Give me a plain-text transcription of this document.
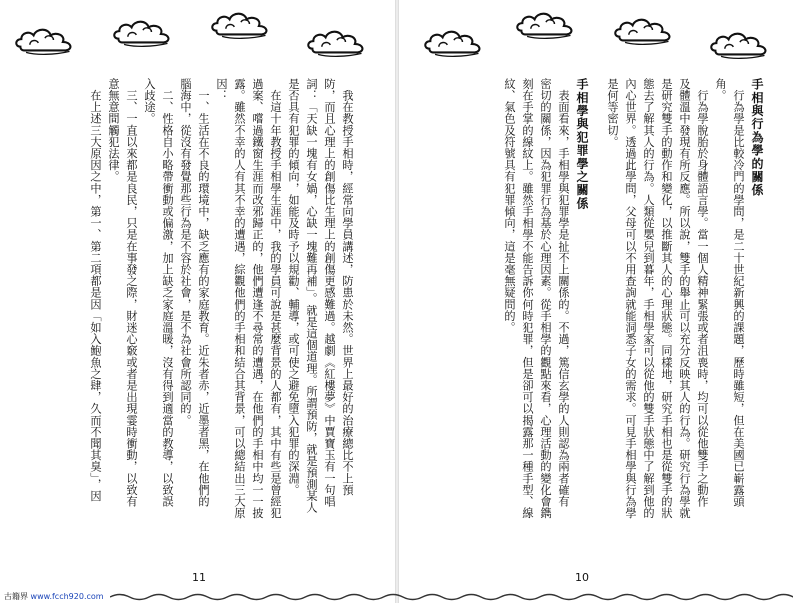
　我在教授手相時，經常向學員講述，防患於未然。世界上最好的治療總比不上預
防，而且心理上的創傷比生理上的創傷更感難過。越劇《紅樓夢》中賈寶玉有一句唱
詞：「天缺一塊有女媧，心缺一塊難再補」。就是這個道理。所謂預防，就是預測某人
是否具有犯罪的傾向，如能及時予以規勸、輔導，或可使之避免墮入犯罪的深淵。
　在這十年教授手相學生涯中，我的學員可說是甚麼背景的人都有，其中有些是曾經犯
過案、嚐過鐵窗生涯而改邪歸正的，他們遭逢不尋常的遭遇，在他們的手相中均一一披
露。雖然不幸的人有其不幸的遭遇，綜觀他們的手相和結合其背景，可以總結出三大原
因：
　一、生活在不良的環境中，缺乏應有的家庭教育。近朱者赤，近墨者黑，在他們的
腦海中，從沒有發覺那些行為是不容於社會，是不為社會所認同的。
　二、性格自小略帶衝動或偏激，加上缺乏家庭溫暖，沒有得到適當的教導，以致誤
入歧途。
　三、一直以來都是良民，只是在事發之際，財迷心竅或者是出現霎時衝動，以致有
意無意間觸犯法律。
　在上述三大原因之中，第一、第二項都是因「如入鮑魚之肆，久而不聞其臭」，因
11
手相與行為學的關係
　行為學是比較冷門的學問，是二十世紀新興的課題，歷時雖短，但在美國已嶄露頭
角。
　行為學脫胎於身體語言學。當一個人精神緊張或者沮喪時，均可以從他雙手之動作
及體溫中發現有所反應。所以說，雙手的舉止可以充分反映其人的行為。研究行為學就
是研究雙手的動作和變化，以推斷其人的心理狀態。同樣地，研究手相也是從雙手的狀
態去了解其人的行為。人類從嬰兒到暮年，手相學家可以從他的雙手狀態中了解到他的
內心世界。透過此學問，父母可以不用查詢就能洞悉子女的需求。可見手相學與行為學
是何等密切。
手相學與犯罪學之關係
　表面看來，手相學與犯罪學是扯不上關係的。不過，篤信玄學的人則認為兩者確有
密切的關係，因為犯罪行為基於心理因素。從手相學的觀點來看，心理活動的變化會鐫
刻在手掌的線紋上。雖然手相學不能告訴你何時犯罪，但是卻可以揭露那一種手型、線
紋、氣色及符號具有犯罪傾向，這是毫無疑問的。
10
古籍界 www.fcch920.com
